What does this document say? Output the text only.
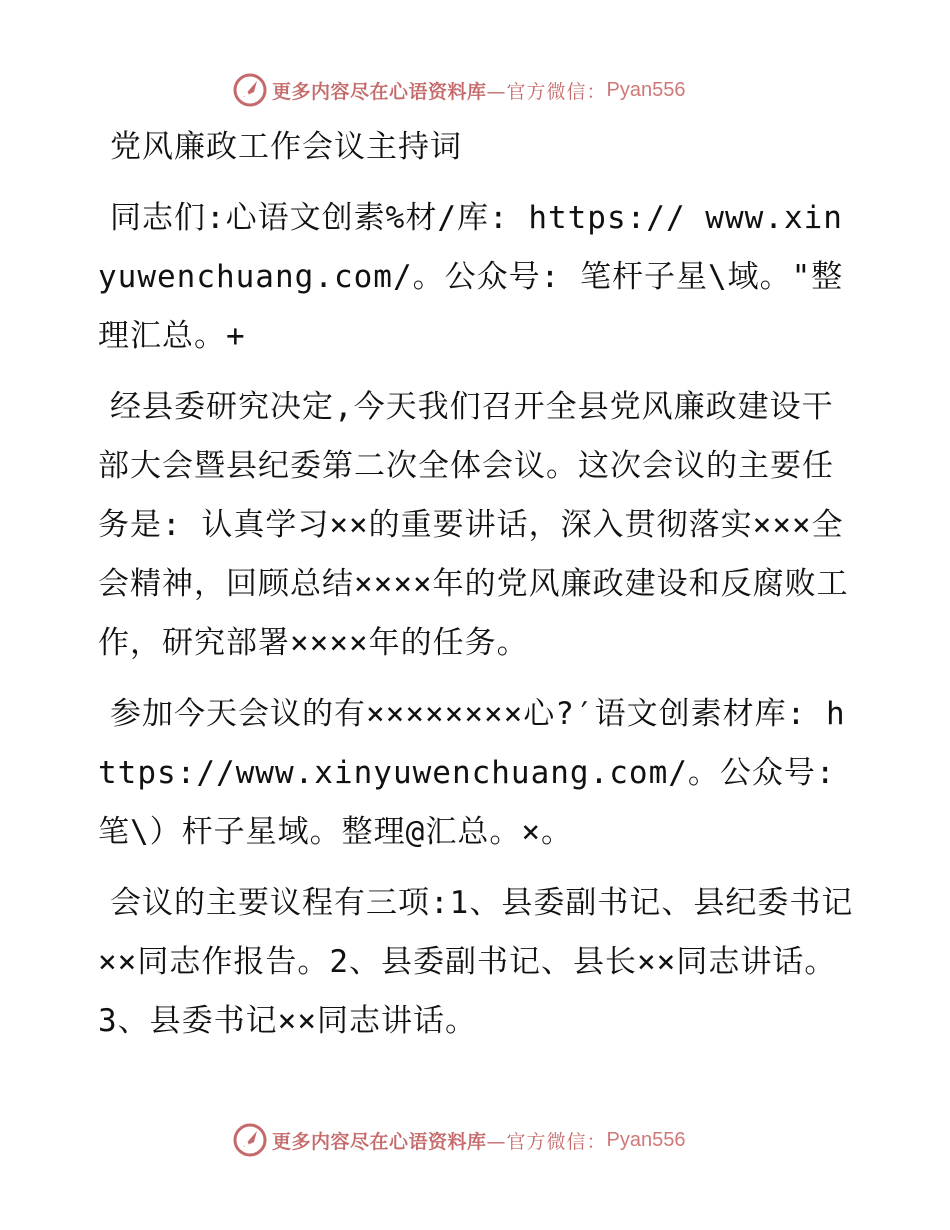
更多内容尽在心语资料库 —官方微信： Pyan556

党风廉政工作会议主持词

同志们:心语文创素%材/库: https:// www.xinyuwenchuang.com/。公众号: 笔杆子星\域。"整理汇总。+

经县委研究决定,今天我们召开全县党风廉政建设干部大会暨县纪委第二次全体会议。这次会议的主要任务是: 认真学习××的重要讲话，深入贯彻落实×××全会精神，回顾总结××××年的党风廉政建设和反腐败工作，研究部署××××年的任务。

参加今天会议的有××××××××心?′语文创素材库: https://www.xinyuwenchuang.com/。公众号: 笔\）杆子星域。整理@汇总。×。

会议的主要议程有三项:1、县委副书记、县纪委书记××同志作报告。2、县委副书记、县长××同志讲话。3、县委书记××同志讲话。

更多内容尽在心语资料库 —官方微信： Pyan556
